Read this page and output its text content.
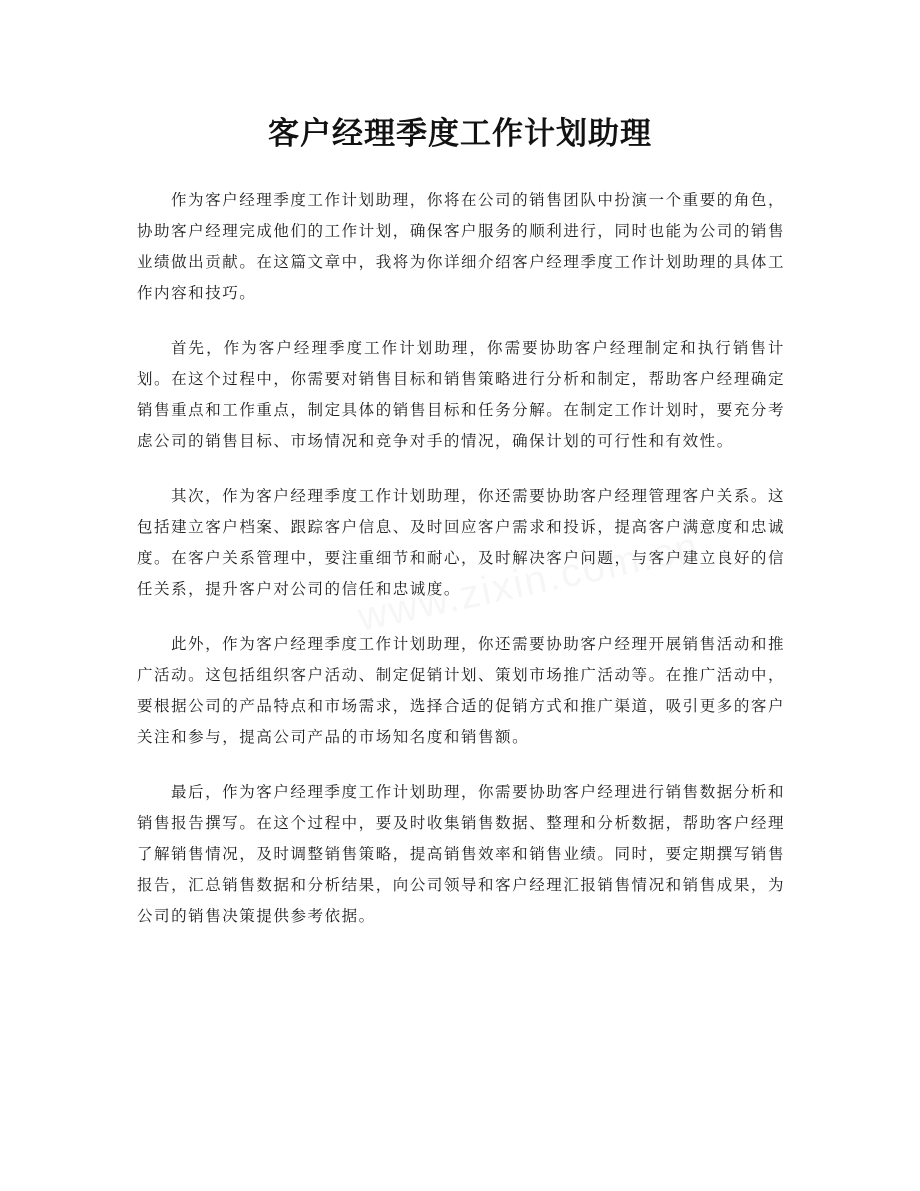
客户经理季度工作计划助理

作为客户经理季度工作计划助理，你将在公司的销售团队中扮演一个重要的角色，协助客户经理完成他们的工作计划，确保客户服务的顺利进行，同时也能为公司的销售业绩做出贡献。在这篇文章中，我将为你详细介绍客户经理季度工作计划助理的具体工作内容和技巧。

首先，作为客户经理季度工作计划助理，你需要协助客户经理制定和执行销售计划。在这个过程中，你需要对销售目标和销售策略进行分析和制定，帮助客户经理确定销售重点和工作重点，制定具体的销售目标和任务分解。在制定工作计划时，要充分考虑公司的销售目标、市场情况和竞争对手的情况，确保计划的可行性和有效性。

其次，作为客户经理季度工作计划助理，你还需要协助客户经理管理客户关系。这包括建立客户档案、跟踪客户信息、及时回应客户需求和投诉，提高客户满意度和忠诚度。在客户关系管理中，要注重细节和耐心，及时解决客户问题，与客户建立良好的信任关系，提升客户对公司的信任和忠诚度。

此外，作为客户经理季度工作计划助理，你还需要协助客户经理开展销售活动和推广活动。这包括组织客户活动、制定促销计划、策划市场推广活动等。在推广活动中，要根据公司的产品特点和市场需求，选择合适的促销方式和推广渠道，吸引更多的客户关注和参与，提高公司产品的市场知名度和销售额。

最后，作为客户经理季度工作计划助理，你需要协助客户经理进行销售数据分析和销售报告撰写。在这个过程中，要及时收集销售数据、整理和分析数据，帮助客户经理了解销售情况，及时调整销售策略，提高销售效率和销售业绩。同时，要定期撰写销售报告，汇总销售数据和分析结果，向公司领导和客户经理汇报销售情况和销售成果，为公司的销售决策提供参考依据。
